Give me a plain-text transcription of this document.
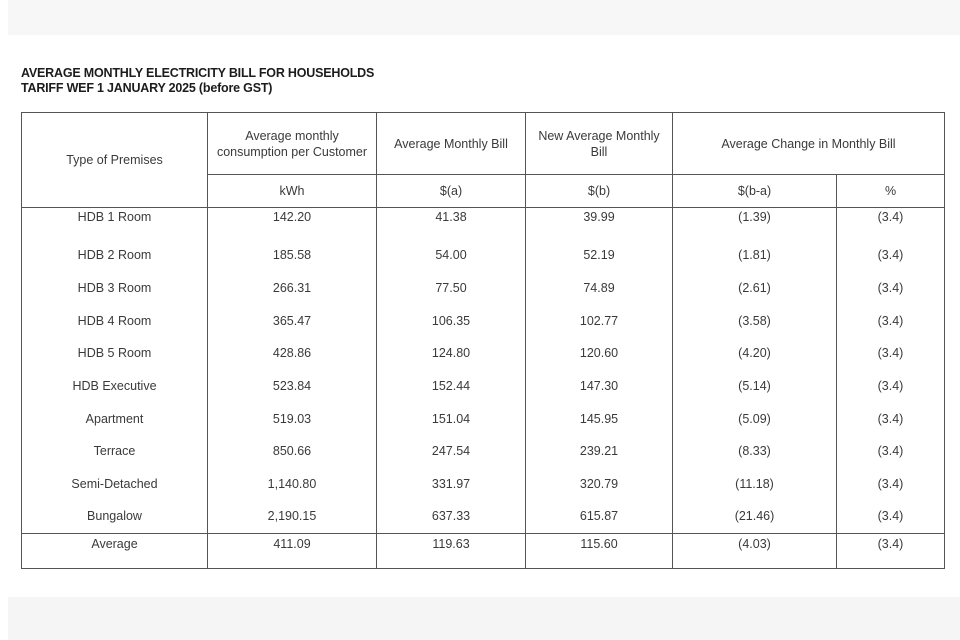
AVERAGE MONTHLY ELECTRICITY BILL FOR HOUSEHOLDS
TARIFF WEF 1 JANUARY 2025 (before GST)
Type of Premises	Average monthly consumption per Customer	Average Monthly Bill	New Average Monthly Bill	Average Change in Monthly Bill	
	kWh	$(a)	$(b)	$(b-a)	%
HDB 1 Room	142.20	41.38	39.99	(1.39)	(3.4)
HDB 2 Room	185.58	54.00	52.19	(1.81)	(3.4)
HDB 3 Room	266.31	77.50	74.89	(2.61)	(3.4)
HDB 4 Room	365.47	106.35	102.77	(3.58)	(3.4)
HDB 5 Room	428.86	124.80	120.60	(4.20)	(3.4)
HDB Executive	523.84	152.44	147.30	(5.14)	(3.4)
Apartment	519.03	151.04	145.95	(5.09)	(3.4)
Terrace	850.66	247.54	239.21	(8.33)	(3.4)
Semi-Detached	1,140.80	331.97	320.79	(11.18)	(3.4)
Bungalow	2,190.15	637.33	615.87	(21.46)	(3.4)
Average	411.09	119.63	115.60	(4.03)	(3.4)
